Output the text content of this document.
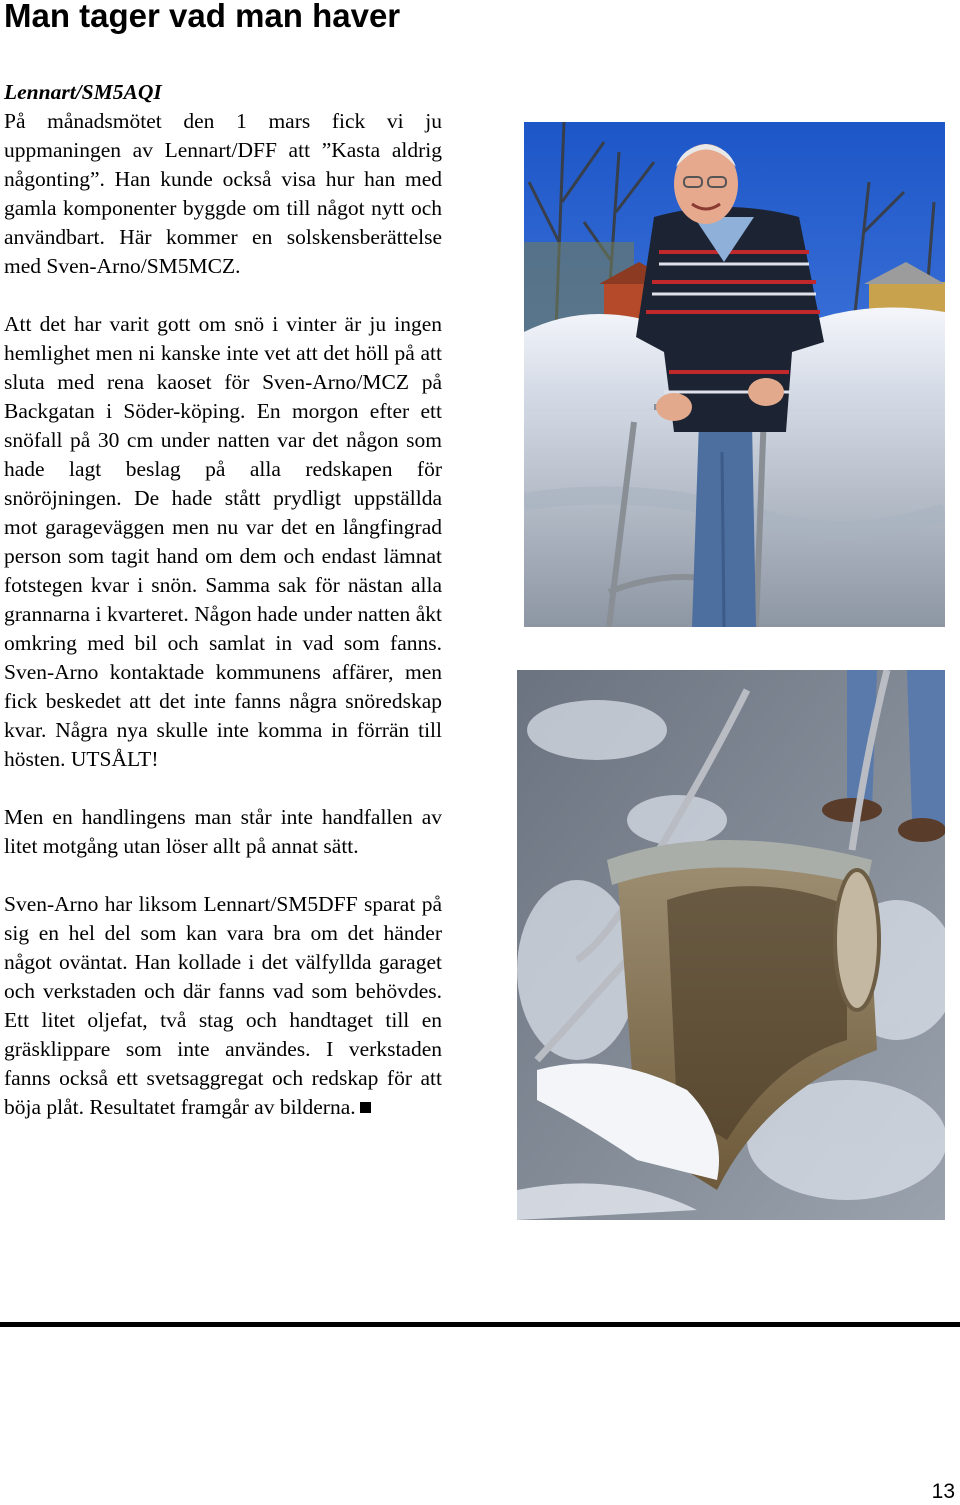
Man tager vad man haver

Lennart/SM5AQI
På månadsmötet den 1 mars fick vi ju uppmaningen av Lennart/DFF att ”Kasta aldrig någonting”. Han kunde också visa hur han med gamla komponenter byggde om till något nytt och användbart. Här kommer en solskensberättelse med Sven-Arno/SM5MCZ.

Att det har varit gott om snö i vinter är ju ingen hemlighet men ni kanske inte vet att det höll på att sluta med rena kaoset för Sven-Arno/MCZ på Backgatan i Söder-köping. En morgon efter ett snöfall på 30 cm under natten var det någon som hade lagt beslag på alla redskapen för snöröjningen. De hade stått prydligt uppställda mot garageväggen men nu var det en långfingrad person som tagit hand om dem och endast lämnat fotstegen kvar i snön. Samma sak för nästan alla grannarna i kvarteret. Någon hade under natten åkt omkring med bil och samlat in vad som fanns. Sven-Arno kontaktade kommunens affärer, men fick beskedet att det inte fanns några snöredskap kvar. Några nya skulle inte komma in förrän till hösten. UTSÅLT!

Men en handlingens man står inte handfallen av litet motgång utan löser allt på annat sätt.

Sven-Arno har liksom Lennart/SM5DFF sparat på sig en hel del som kan vara bra om det händer något oväntat. Han kollade i det välfyllda garaget och verkstaden och där fanns vad som behövdes. Ett litet oljefat, två stag och handtaget till en gräsklippare som inte användes. I verkstaden fanns också ett svetsaggregat och redskap för att böja plåt. Resultatet framgår av bilderna.

13
